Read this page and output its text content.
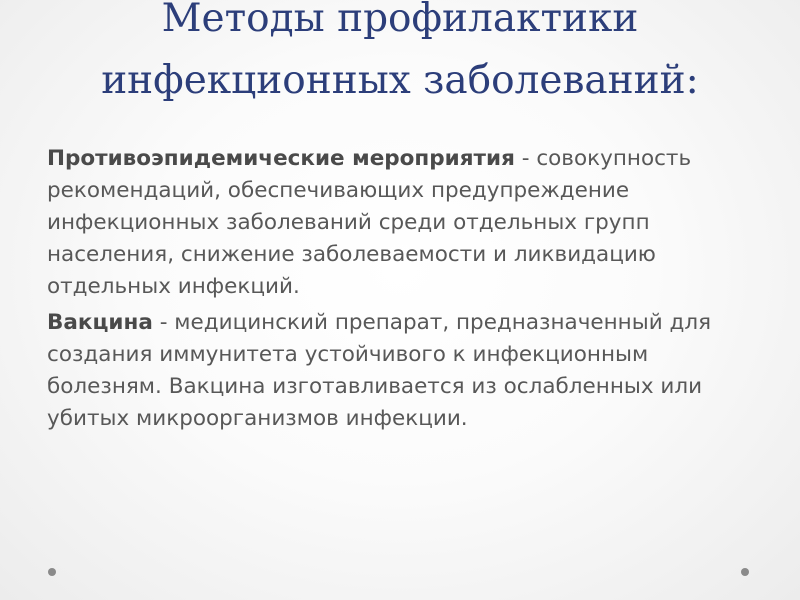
Методы профилактики
инфекционных заболеваний:

Противоэпидемические мероприятия - совокупность рекомендаций, обеспечивающих предупреждение инфекционных заболеваний среди отдельных групп населения, снижение заболеваемости и ликвидацию отдельных инфекций.

Вакцина - медицинский препарат, предназначенный для создания иммунитета устойчивого к инфекционным болезням. Вакцина изготавливается из ослабленных или убитых микроорганизмов инфекции.
